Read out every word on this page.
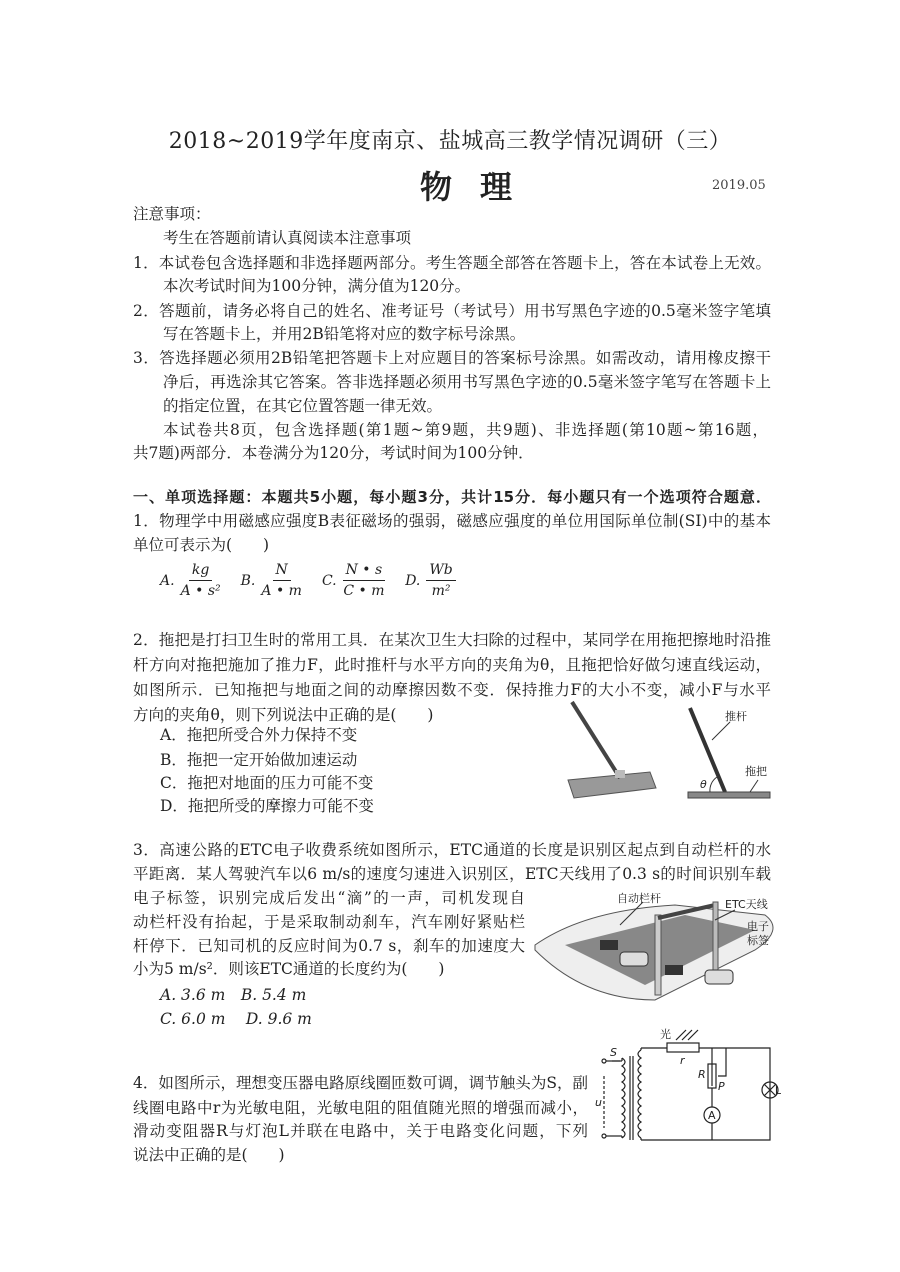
2018~2019学年度南京、盐城高三教学情况调研（三）
物理	2019.05
注意事项：
考生在答题前请认真阅读本注意事项
1．本试卷包含选择题和非选择题两部分。考生答题全部答在答题卡上，答在本试卷上无效。
本次考试时间为100分钟，满分值为120分。
2．答题前，请务必将自己的姓名、准考证号（考试号）用书写黑色字迹的0.5毫米签字笔填
写在答题卡上，并用2B铅笔将对应的数字标号涂黑。
3．答选择题必须用2B铅笔把答题卡上对应题目的答案标号涂黑。如需改动，请用橡皮擦干
净后，再选涂其它答案。答非选择题必须用书写黑色字迹的0.5毫米签字笔写在答题卡上
的指定位置，在其它位置答题一律无效。
本试卷共8页，包含选择题(第1题~第9题，共9题)、非选择题(第10题~第16题，
共7题)两部分．本卷满分为120分，考试时间为100分钟．
一、单项选择题：本题共5小题，每小题3分，共计15分．每小题只有一个选项符合题意．
1．物理学中用磁感应强度B表征磁场的强弱，磁感应强度的单位用国际单位制(SI)中的基本
单位可表示为(　　)
A. $\frac{kg}{\text{A • s²}} B$. $\frac{N}{A • m} C$. $\frac{N • s}{C • m} D$. $\frac{Wb}{\text{m²}}$
2．拖把是打扫卫生时的常用工具．在某次卫生大扫除的过程中，某同学在用拖把擦地时沿推
杆方向对拖把施加了推力F，此时推杆与水平方向的夹角为θ，且拖把恰好做匀速直线运动，
如图所示．已知拖把与地面之间的动摩擦因数不变．保持推力F的大小不变，减小F与水平
方向的夹角θ，则下列说法中正确的是(　　)
A．拖把所受合外力保持不变
B．拖把一定开始做加速运动
C．拖把对地面的压力可能不变
D．拖把所受的摩擦力可能不变
θ
推杆
拖把
3．高速公路的ETC电子收费系统如图所示，ETC通道的长度是识别区起点到自动栏杆的水
平距离．某人驾驶汽车以6 m/s的速度匀速进入识别区，ETC天线用了0.3 s的时间识别车载
电子标签，识别完成后发出“滴”的一声，司机发现自
动栏杆没有抬起，于是采取制动刹车，汽车刚好紧贴栏
杆停下．已知司机的反应时间为0.7 s，刹车的加速度大
小为5 m/s²．则该ETC通道的长度约为(　　)
A. 3.6 m　B. 5.4 m
C. 6.0 m　 D. 9.6 m
自动栏杆	ETC天线
电子
标签
4．如图所示，理想变压器电路原线圈匝数可调，调节触头为S，副
线圈电路中r为光敏电阻，光敏电阻的阻值随光照的增强而减小，
滑动变阻器R与灯泡L并联在电路中，关于电路变化问题，下列
说法中正确的是(　　)
光
r
R
P
S
u
A
L
